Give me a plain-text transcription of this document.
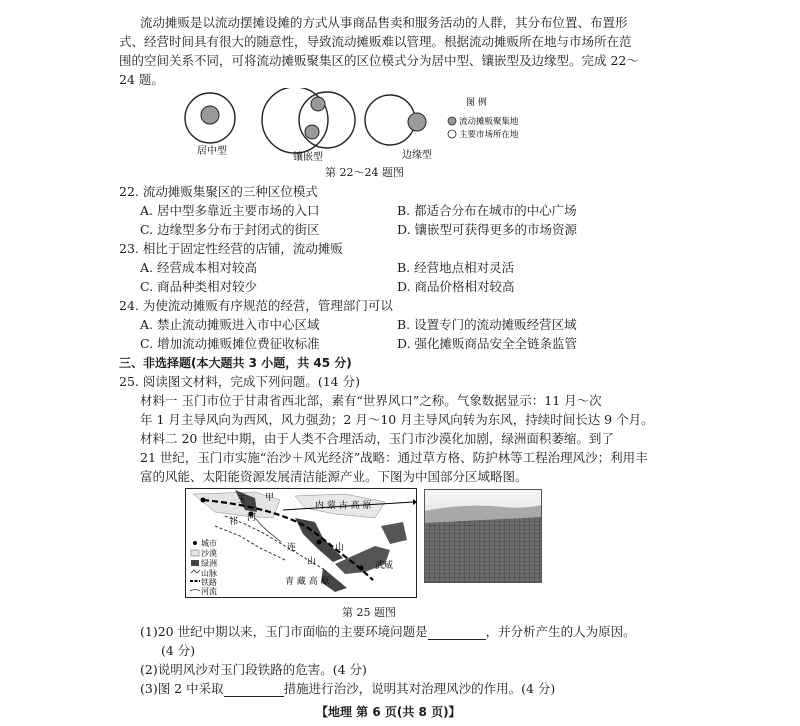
流动摊贩是以流动摆摊设摊的方式从事商品售卖和服务活动的人群，其分布位置、布置形
式、经营时间具有很大的随意性，导致流动摊贩难以管理。根据流动摊贩所在地与市场所在范
围的空间关系不同，可将流动摊贩聚集区的区位模式分为居中型、镶嵌型及边缘型。完成 22～
24 题。
图 例
流动摊贩聚集地
主要市场所在地
居中型
镶嵌型	边缘型
第 22～24 题图
22. 流动摊贩集聚区的三种区位模式
A. 居中型多靠近主要市场的入口	B. 都适合分布在城市的中心广场
C. 边缘型多分布于封闭式的街区	D. 镶嵌型可获得更多的市场资源
23. 相比于固定性经营的店铺，流动摊贩
A. 经营成本相对较高	B. 经营地点相对灵活
C. 商品种类相对较少	D. 商品价格相对较高
24. 为使流动摊贩有序规范的经营，管理部门可以
A. 禁止流动摊贩进入市中心区域	B. 设置专门的流动摊贩经营区域
C. 增加流动摊贩摊位费征收标准	D. 强化摊贩商品安全全链条监管
三、非选择题(本大题共 3 小题，共 45 分)
25. 阅读图文材料，完成下列问题。(14 分)
材料一 玉门市位于甘肃省西北部，素有“世界风口”之称。气象数据显示：11 月～次
年 1 月主导风向为西风，风力强劲；2 月～10 月主导风向转为东风，持续时间长达 9 个月。
材料二 20 世纪中期，由于人类不合理活动，玉门市沙漠化加剧，绿洲面积萎缩。到了
21 世纪，玉门市实施“治沙＋风光经济”战略：通过草方格、防护林等工程治理风沙；利用丰
富的风能、太阳能资源发展清洁能源产业。下图为中国部分区域略图。
玉 甲
河
祁
连
山
山
武威
内 蒙 古 高 原
青 藏 高 原
城市
沙漠
绿洲
山脉
铁路
河流
第 25 题图
(1)20 世纪中期以来，玉门市面临的主要环境问题是	，并分析产生的人为原因。
(4 分)
(2)说明风沙对玉门段铁路的危害。(4 分)
(3)图 2 中采取	措施进行治沙，说明其对治理风沙的作用。(4 分)
【地理 第 6 页(共 8 页)】
